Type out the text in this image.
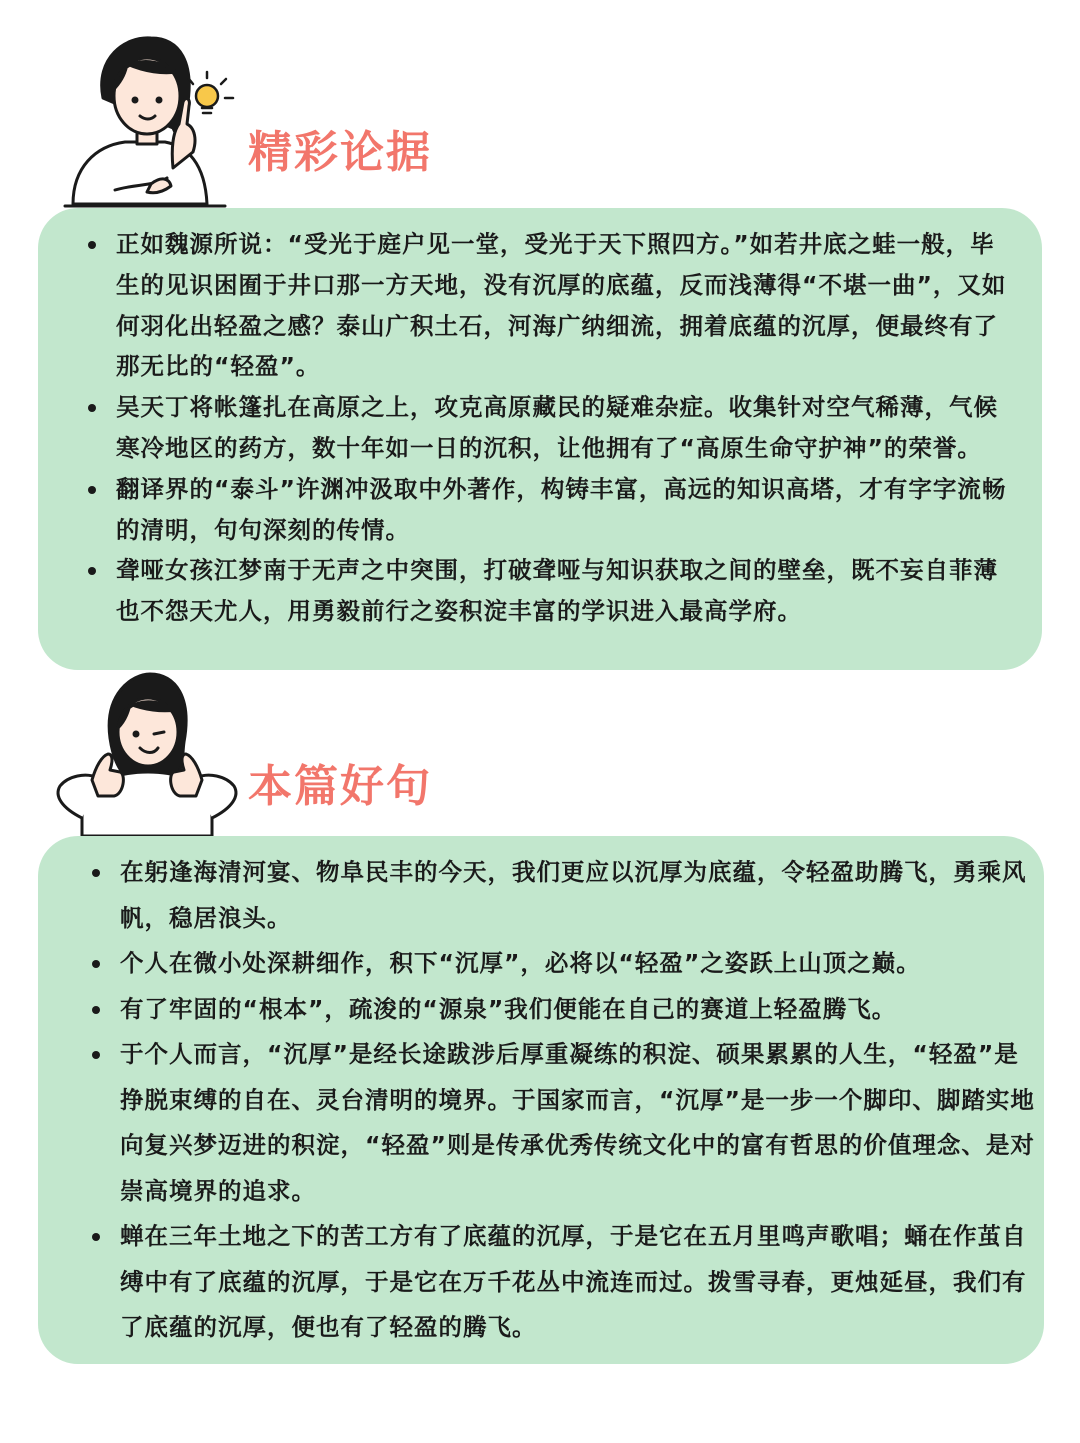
精彩论据
正如魏源所说：“受光于庭户见一堂，受光于天下照四方。”如若井底之蛙一般，毕生的见识困囿于井口那一方天地，没有沉厚的底蕴，反而浅薄得“不堪一曲”，又如何羽化出轻盈之感？泰山广积土石，河海广纳细流，拥着底蕴的沉厚，便最终有了那无比的“轻盈”。
吴天丁将帐篷扎在高原之上，攻克高原藏民的疑难杂症。收集针对空气稀薄，气候寒冷地区的药方，数十年如一日的沉积，让他拥有了“高原生命守护神”的荣誉。
翻译界的“泰斗”许渊冲汲取中外著作，构铸丰富，高远的知识高塔，才有字字流畅的清明，句句深刻的传情。
聋哑女孩江梦南于无声之中突围，打破聋哑与知识获取之间的壁垒，既不妄自菲薄也不怨天尤人，用勇毅前行之姿积淀丰富的学识进入最高学府。
本篇好句
在躬逢海清河宴、物阜民丰的今天，我们更应以沉厚为底蕴，令轻盈助腾飞，勇乘风帆，稳居浪头。
个人在微小处深耕细作，积下“沉厚”，必将以“轻盈”之姿跃上山顶之巅。
有了牢固的“根本”，疏浚的“源泉”我们便能在自己的赛道上轻盈腾飞。
于个人而言，“沉厚”是经长途跋涉后厚重凝练的积淀、硕果累累的人生，“轻盈”是挣脱束缚的自在、灵台清明的境界。于国家而言，“沉厚”是一步一个脚印、脚踏实地向复兴梦迈进的积淀，“轻盈”则是传承优秀传统文化中的富有哲思的价值理念、是对崇高境界的追求。
蝉在三年土地之下的苦工方有了底蕴的沉厚，于是它在五月里鸣声歌唱；蛹在作茧自缚中有了底蕴的沉厚，于是它在万千花丛中流连而过。拨雪寻春，更烛延昼，我们有了底蕴的沉厚，便也有了轻盈的腾飞。
